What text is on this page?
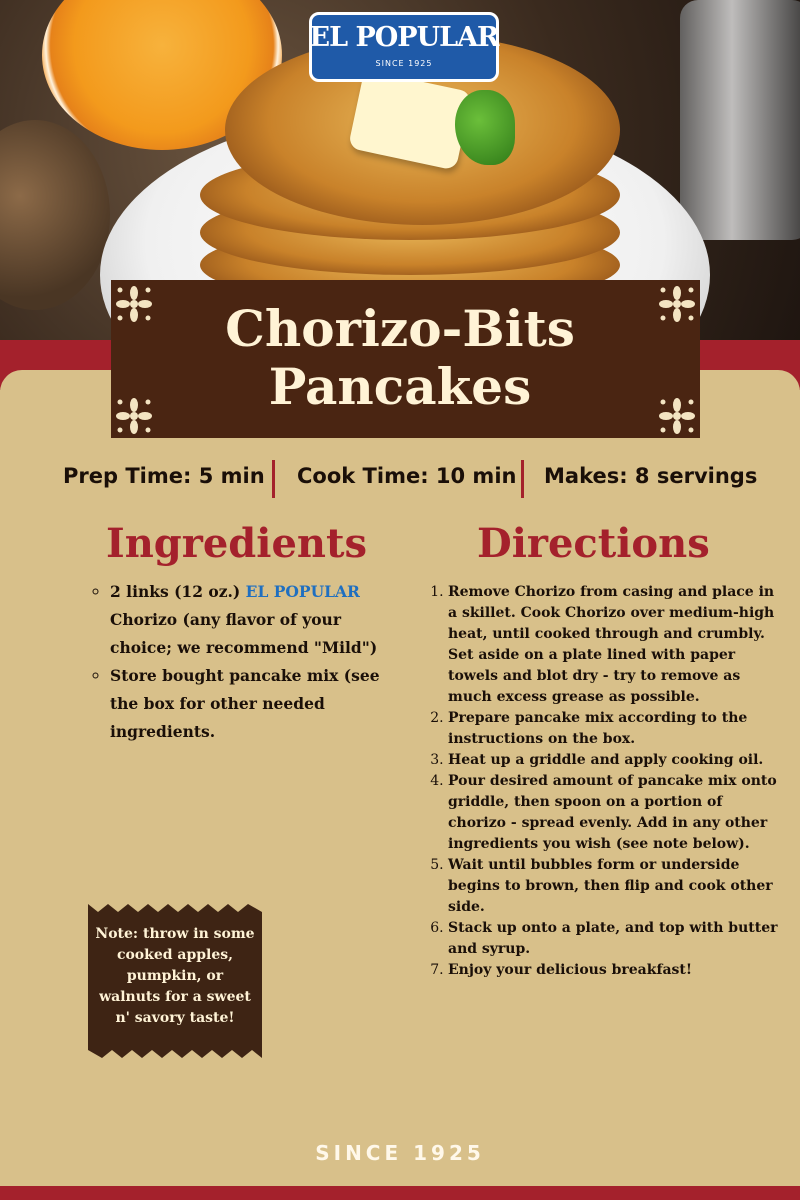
EL POPULAR
SINCE 1925
Chorizo-Bits
Pancakes
Prep Time: 5 min Cook Time: 10 min Makes: 8 servings
Ingredients
◦ 2 links (12 oz.) EL POPULAR Chorizo (any flavor of your choice; we recommend "Mild")
◦ Store bought pancake mix (see the box for other needed ingredients.
Directions
1. Remove Chorizo from casing and place in a skillet. Cook Chorizo over medium-high heat, until cooked through and crumbly. Set aside on a plate lined with paper towels and blot dry - try to remove as much excess grease as possible.
2. Prepare pancake mix according to the instructions on the box.
3. Heat up a griddle and apply cooking oil.
4. Pour desired amount of pancake mix onto griddle, then spoon on a portion of chorizo - spread evenly. Add in any other ingredients you wish (see note below).
5. Wait until bubbles form or underside begins to brown, then flip and cook other side.
6. Stack up onto a plate, and top with butter and syrup.
7. Enjoy your delicious breakfast!
Note: throw in some cooked apples, pumpkin, or walnuts for a sweet n' savory taste!
SINCE 1925
